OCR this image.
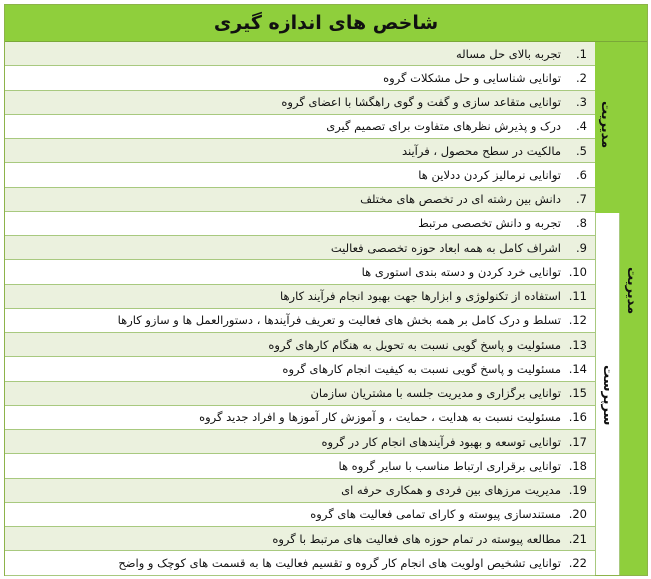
شاخص های اندازه گیری
مدیریت
مدیریت
سرپرست
1.
تجربه بالای حل مساله
2.
توانایی شناسایی و حل مشکلات گروه
3.
توانایی متقاعد سازی و گفت و گوی راهگشا با اعضای گروه
4.
درک و پذیرش نظرهای متفاوت برای تصمیم گیری
5.
مالکیت در سطح محصول ، فرآیند
6.
توانایی نرمالیز کردن ددلاین ها
7.
دانش بین رشته ای در تخصص های مختلف
8.
تجربه و دانش تخصصی مرتبط
9.
اشراف کامل به همه ابعاد حوزه تخصصی فعالیت
10.
توانایی خرد کردن و دسته بندی استوری ها
11.
استفاده از تکنولوژی و ابزارها جهت بهبود انجام فرآیند کارها
12.
تسلط و درک کامل بر همه بخش های فعالیت و تعریف فرآیندها ، دستورالعمل ها و سازو کارها
13.
مسئولیت و پاسخ گویی نسبت به تحویل به هنگام کارهای گروه
14.
مسئولیت و پاسخ گویی نسبت به کیفیت انجام کارهای گروه
15.
توانایی برگزاری و مدیریت جلسه با مشتریان سازمان
16.
مسئولیت نسبت به هدایت ، حمایت ، و آموزش کار آموزها و افراد جدید گروه
17.
توانایی توسعه و بهبود فرآیندهای انجام کار در گروه
18.
توانایی برقراری ارتباط مناسب با سایر گروه ها
19.
مدیریت مرزهای بین فردی و همکاری حرفه ای
20.
مستندسازی پیوسته و کارای تمامی فعالیت های گروه
21.
مطالعه پیوسته در تمام حوزه های فعالیت های مرتبط با گروه
22.
توانایی تشخیص اولویت های انجام کار گروه و تقسیم فعالیت ها به قسمت های کوچک و واضح
